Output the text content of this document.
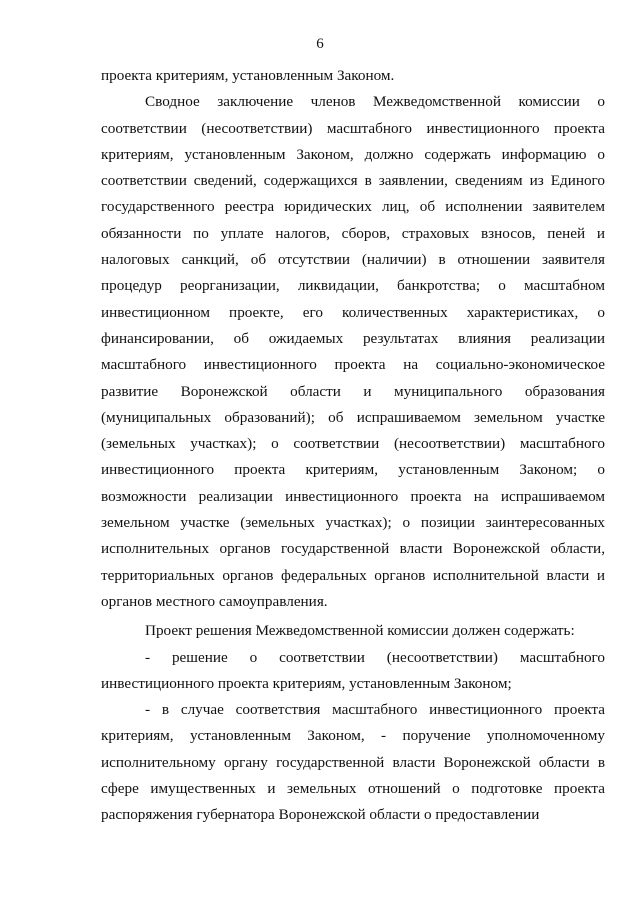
6

проекта критериям, установленным Законом.

Сводное заключение членов Межведомственной комиссии о соответствии (несоответствии) масштабного инвестиционного проекта критериям, установленным Законом, должно содержать информацию о соответствии сведений, содержащихся в заявлении, сведениям из Единого государственного реестра юридических лиц, об исполнении заявителем обязанности по уплате налогов, сборов, страховых взносов, пеней и налоговых санкций, об отсутствии (наличии) в отношении заявителя процедур реорганизации, ликвидации, банкротства; о масштабном инвестиционном проекте, его количественных характеристиках, о финансировании, об ожидаемых результатах влияния реализации масштабного инвестиционного проекта на социально-экономическое развитие Воронежской области и муниципального образования (муниципальных образований); об испрашиваемом земельном участке (земельных участках); о соответствии (несоответствии) масштабного инвестиционного проекта критериям, установленным Законом; о возможности реализации инвестиционного проекта на испрашиваемом земельном участке (земельных участках); о позиции заинтересованных исполнительных органов государственной власти Воронежской области, территориальных органов федеральных органов исполнительной власти и органов местного самоуправления.

Проект решения Межведомственной комиссии должен содержать:

- решение о соответствии (несоответствии) масштабного инвестиционного проекта критериям, установленным Законом;

- в случае соответствия масштабного инвестиционного проекта критериям, установленным Законом, - поручение уполномоченному исполнительному органу государственной власти Воронежской области в сфере имущественных и земельных отношений о подготовке проекта распоряжения губернатора Воронежской области о предоставлении
